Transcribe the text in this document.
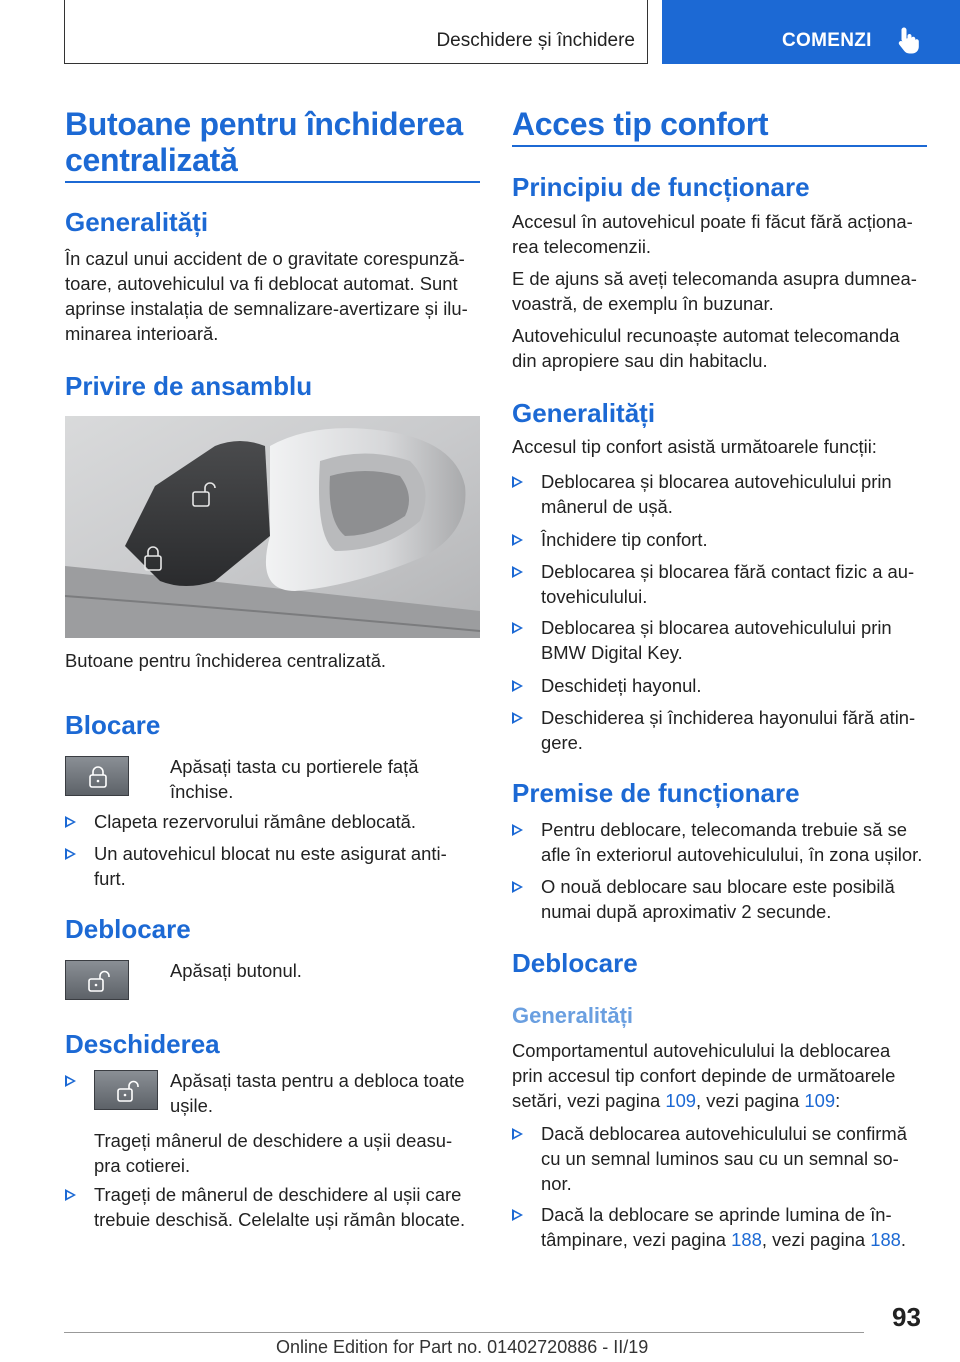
Deschidere și închidere	COMENZI
Butoane pentru închiderea
centralizată
Generalități
În cazul unui accident de o gravitate corespunză-
toare, autovehiculul va fi deblocat automat. Sunt
aprinse instalația de semnalizare-avertizare și ilu-
minarea interioară.
Privire de ansamblu
Butoane pentru închiderea centralizată.
Blocare
Apăsați tasta cu portierele față închise.
Clapeta rezervorului rămâne deblocată.
Un autovehicul blocat nu este asigurat anti-
furt.
Deblocare
Apăsați butonul.
Deschiderea
Apăsați tasta pentru a debloca toate
ușile.
Trageți mânerul de deschidere a ușii deasu-
pra cotierei.
Trageți de mânerul de deschidere al ușii care
trebuie deschisă. Celelalte uși rămân blocate.
Acces tip confort
Principiu de funcționare
Accesul în autovehicul poate fi făcut fără acționa-
rea telecomenzii.
E de ajuns să aveți telecomanda asupra dumnea-
voastră, de exemplu în buzunar.
Autovehiculul recunoaște automat telecomanda
din apropiere sau din habitaclu.
Generalități
Accesul tip confort asistă următoarele funcții:
Deblocarea și blocarea autovehiculului prin
mânerul de ușă.
Închidere tip confort.
Deblocarea și blocarea fără contact fizic a au-
tovehiculului.
Deblocarea și blocarea autovehiculului prin
BMW Digital Key.
Deschideți hayonul.
Deschiderea și închiderea hayonului fără atin-
gere.
Premise de funcționare
Pentru deblocare, telecomanda trebuie să se
afle în exteriorul autovehiculului, în zona ușilor.
O nouă deblocare sau blocare este posibilă
numai după aproximativ 2 secunde.
Deblocare
Generalități
Comportamentul autovehiculului la deblocarea
prin accesul tip confort depinde de următoarele
setări, vezi pagina 109, vezi pagina 109:
Dacă deblocarea autovehiculului se confirmă
cu un semnal luminos sau cu un semnal so-
nor.
Dacă la deblocare se aprinde lumina de în-
tâmpinare, vezi pagina 188, vezi pagina 188.
93
Online Edition for Part no. 01402720886 - II/19
